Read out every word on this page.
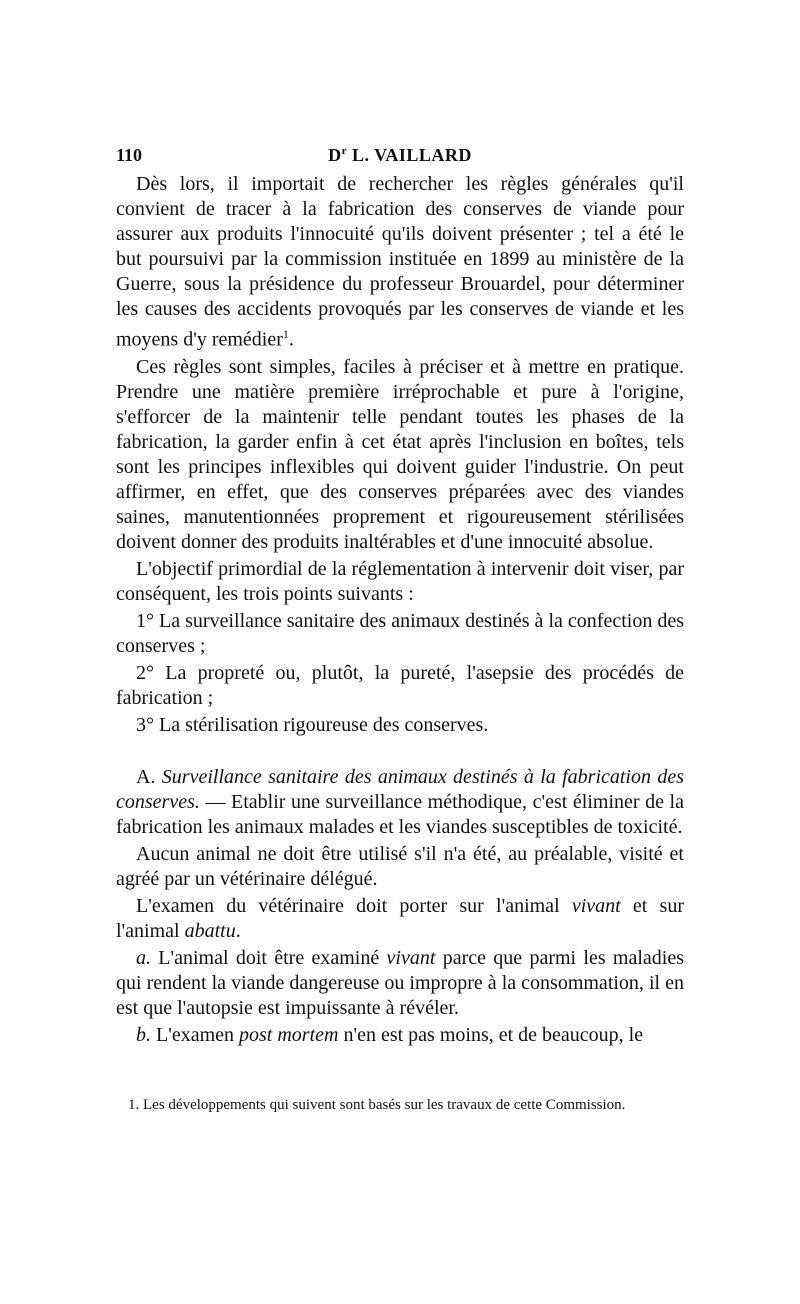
110	$D^r$ L. VAILLARD

Dès lors, il importait de rechercher les règles générales qu'il convient de tracer à la fabrication des conserves de viande pour assurer aux produits l'innocuité qu'ils doivent présenter ; tel a été le but poursuivi par la commission instituée en 1899 au ministère de la Guerre, sous la présidence du professeur Brouardel, pour déterminer les causes des accidents provoqués par les conserves de viande et les moyens d'y remédier$^1$.

Ces règles sont simples, faciles à préciser et à mettre en pratique. Prendre une matière première irréprochable et pure à l'origine, s'efforcer de la maintenir telle pendant toutes les phases de la fabrication, la garder enfin à cet état après l'inclusion en boîtes, tels sont les principes inflexibles qui doivent guider l'industrie. On peut affirmer, en effet, que des conserves préparées avec des viandes saines, manutentionnées proprement et rigoureusement stérilisées doivent donner des produits inaltérables et d'une innocuité absolue.

L'objectif primordial de la réglementation à intervenir doit viser, par conséquent, les trois points suivants :

1° La surveillance sanitaire des animaux destinés à la confection des conserves ;

2° La propreté ou, plutôt, la pureté, l'asepsie des procédés de fabrication ;

3° La stérilisation rigoureuse des conserves.

A. Surveillance sanitaire des animaux destinés à la fabrication des conserves. — Etablir une surveillance méthodique, c'est éliminer de la fabrication les animaux malades et les viandes susceptibles de toxicité.

Aucun animal ne doit être utilisé s'il n'a été, au préalable, visité et agréé par un vétérinaire délégué.

L'examen du vétérinaire doit porter sur l'animal vivant et sur l'animal abattu.

a. L'animal doit être examiné vivant parce que parmi les maladies qui rendent la viande dangereuse ou impropre à la consommation, il en est que l'autopsie est impuissante à révéler.

b. L'examen post mortem n'en est pas moins, et de beaucoup, le

1. Les développements qui suivent sont basés sur les travaux de cette Commission.
